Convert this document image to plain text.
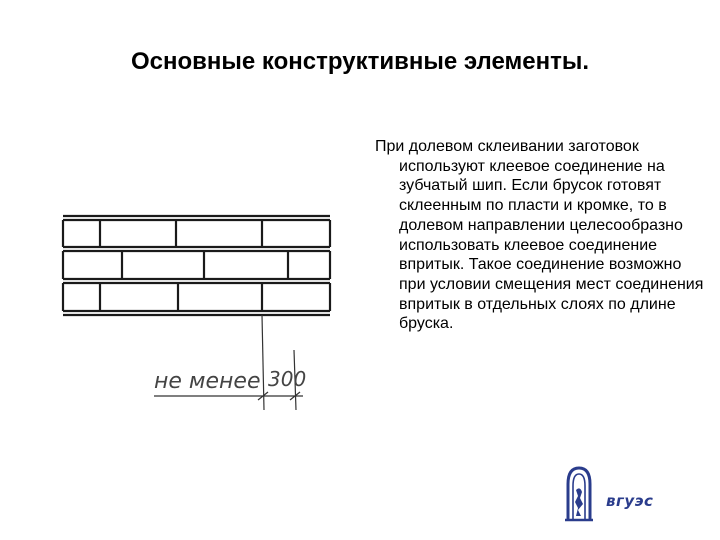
Основные конструктивные элементы.
При долевом склеивании заготовок используют клеевое соединение на зубчатый шип. Если брусок готовят склеенным по пласти и кромке, то в долевом направлении целесообразно использовать клеевое соединение впритык. Такое соединение возможно при условии смещения мест соединения впритык в отдельных слоях по длине бруска.
не менее 300
вгуэс
